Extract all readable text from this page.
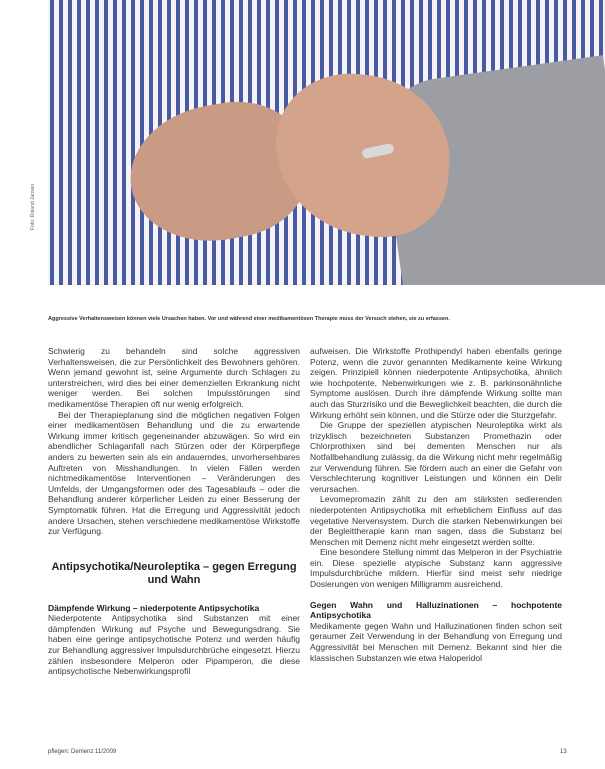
Foto: Roland Jansen
Aggressive Verhaltensweisen können viele Ursachen haben. Vor und während einer medikamentösen Therapie muss der Versuch stehen, sie zu erfassen.

Schwierig zu behandeln sind solche aggressiven Verhaltensweisen, die zur Persönlichkeit des Bewohners gehören. Wenn jemand gewohnt ist, seine Argumente durch Schlagen zu unterstreichen, wird dies bei einer demenziellen Erkrankung nicht weniger werden. Bei solchen Impulsstörungen sind medikamentöse Therapien oft nur wenig erfolgreich.

Bei der Therapieplanung sind die möglichen negativen Folgen einer medikamentösen Behandlung und die zu erwartende Wirkung immer kritisch gegeneinander abzuwägen. So wird ein abendlicher Schlaganfall nach Stürzen oder der Körperpflege anders zu bewerten sein als ein andauerndes, unvorhersehbares Auftreten von Misshandlungen. In vielen Fällen werden nichtmedikamentöse Interventionen – Veränderungen des Umfelds, der Umgangsformen oder des Tagesablaufs – oder die Behandlung anderer körperlicher Leiden zu einer Besserung der Symptomatik führen. Hat die Erregung und Aggressivität jedoch andere Ursachen, stehen verschiedene medikamentöse Wirkstoffe zur Verfügung.

Antipsychotika/Neuroleptika – gegen Erregung und Wahn

Dämpfende Wirkung – niederpotente Antipsychotika

Niederpotente Antipsychotika sind Substanzen mit einer dämpfenden Wirkung auf Psyche und Bewegungsdrang. Sie haben eine geringe antipsychotische Potenz und werden häufig zur Behandlung aggressiver Impulsdurchbrüche eingesetzt. Hierzu zählen insbesondere Melperon oder Pipamperon, die diese antipsychotische Nebenwirkungsprofil

aufweisen. Die Wirkstoffe Prothipendyl haben ebenfalls geringe Potenz, wenn die zuvor genannten Medikamente keine Wirkung zeigen. Prinzipiell können niederpotente Antipsychotika, ähnlich wie hochpotente, Nebenwirkungen wie z. B. parkinsonähnliche Symptome auslösen. Durch ihre dämpfende Wirkung sollte man auch das Sturzrisiko und die Beweglichkeit beachten, die durch die Wirkung erhöht sein können, und die Stürze oder die Sturzgefahr.

Die Gruppe der speziellen atypischen Neuroleptika wirkt als trizyklisch bezeichneten Substanzen Promethazin oder Chlorprothixen sind bei dementen Menschen nur als Notfallbehandlung zulässig, da die Wirkung nicht mehr regelmäßig zur Verwendung führen. Sie fördern auch an einer die Gefahr von Verschlechterung kognitiver Leistungen und können ein Delir verursachen.

Levomepromazin zählt zu den am stärksten sedierenden niederpotenten Antipsychotika mit erheblichem Einfluss auf das vegetative Nervensystem. Durch die starken Nebenwirkungen bei der Begleittherapie kann man sagen, dass die Substanz bei Menschen mit Demenz nicht mehr eingesetzt werden sollte.

Eine besondere Stellung nimmt das Melperon in der Psychiatrie ein. Diese spezielle atypische Substanz kann aggressive Impulsdurchbrüche mildern. Hierfür sind meist sehr niedrige Dosierungen von wenigen Milligramm ausreichend.

Gegen Wahn und Halluzinationen – hochpotente Antipsychotika

Medikamente gegen Wahn und Halluzinationen finden schon seit geraumer Zeit Verwendung in der Behandlung von Erregung und Aggressivität bei Menschen mit Demenz. Bekannt sind hier die klassischen Substanzen wie etwa Haloperidol

pflegen: Demenz 11/2009	13
